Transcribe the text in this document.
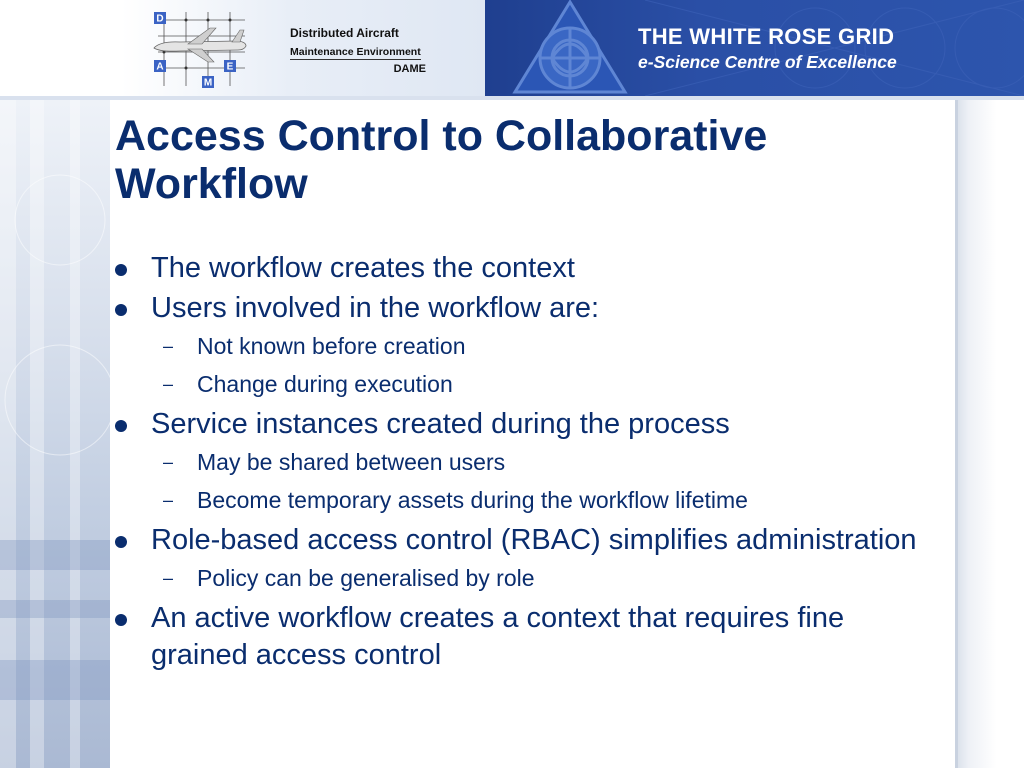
D
A	E
M
Distributed Aircraft
Maintenance Environment
DAME
THE WHITE ROSE GRID
e-Science Centre of Excellence
Access Control to Collaborative Workflow
The workflow creates the context
Users involved in the workflow are:
– Not known before creation
– Change during execution
Service instances created during the process
– May be shared between users
– Become temporary assets during the workflow lifetime
Role-based access control (RBAC) simplifies administration
– Policy can be generalised by role
An active workflow creates a context that requires fine grained access control
